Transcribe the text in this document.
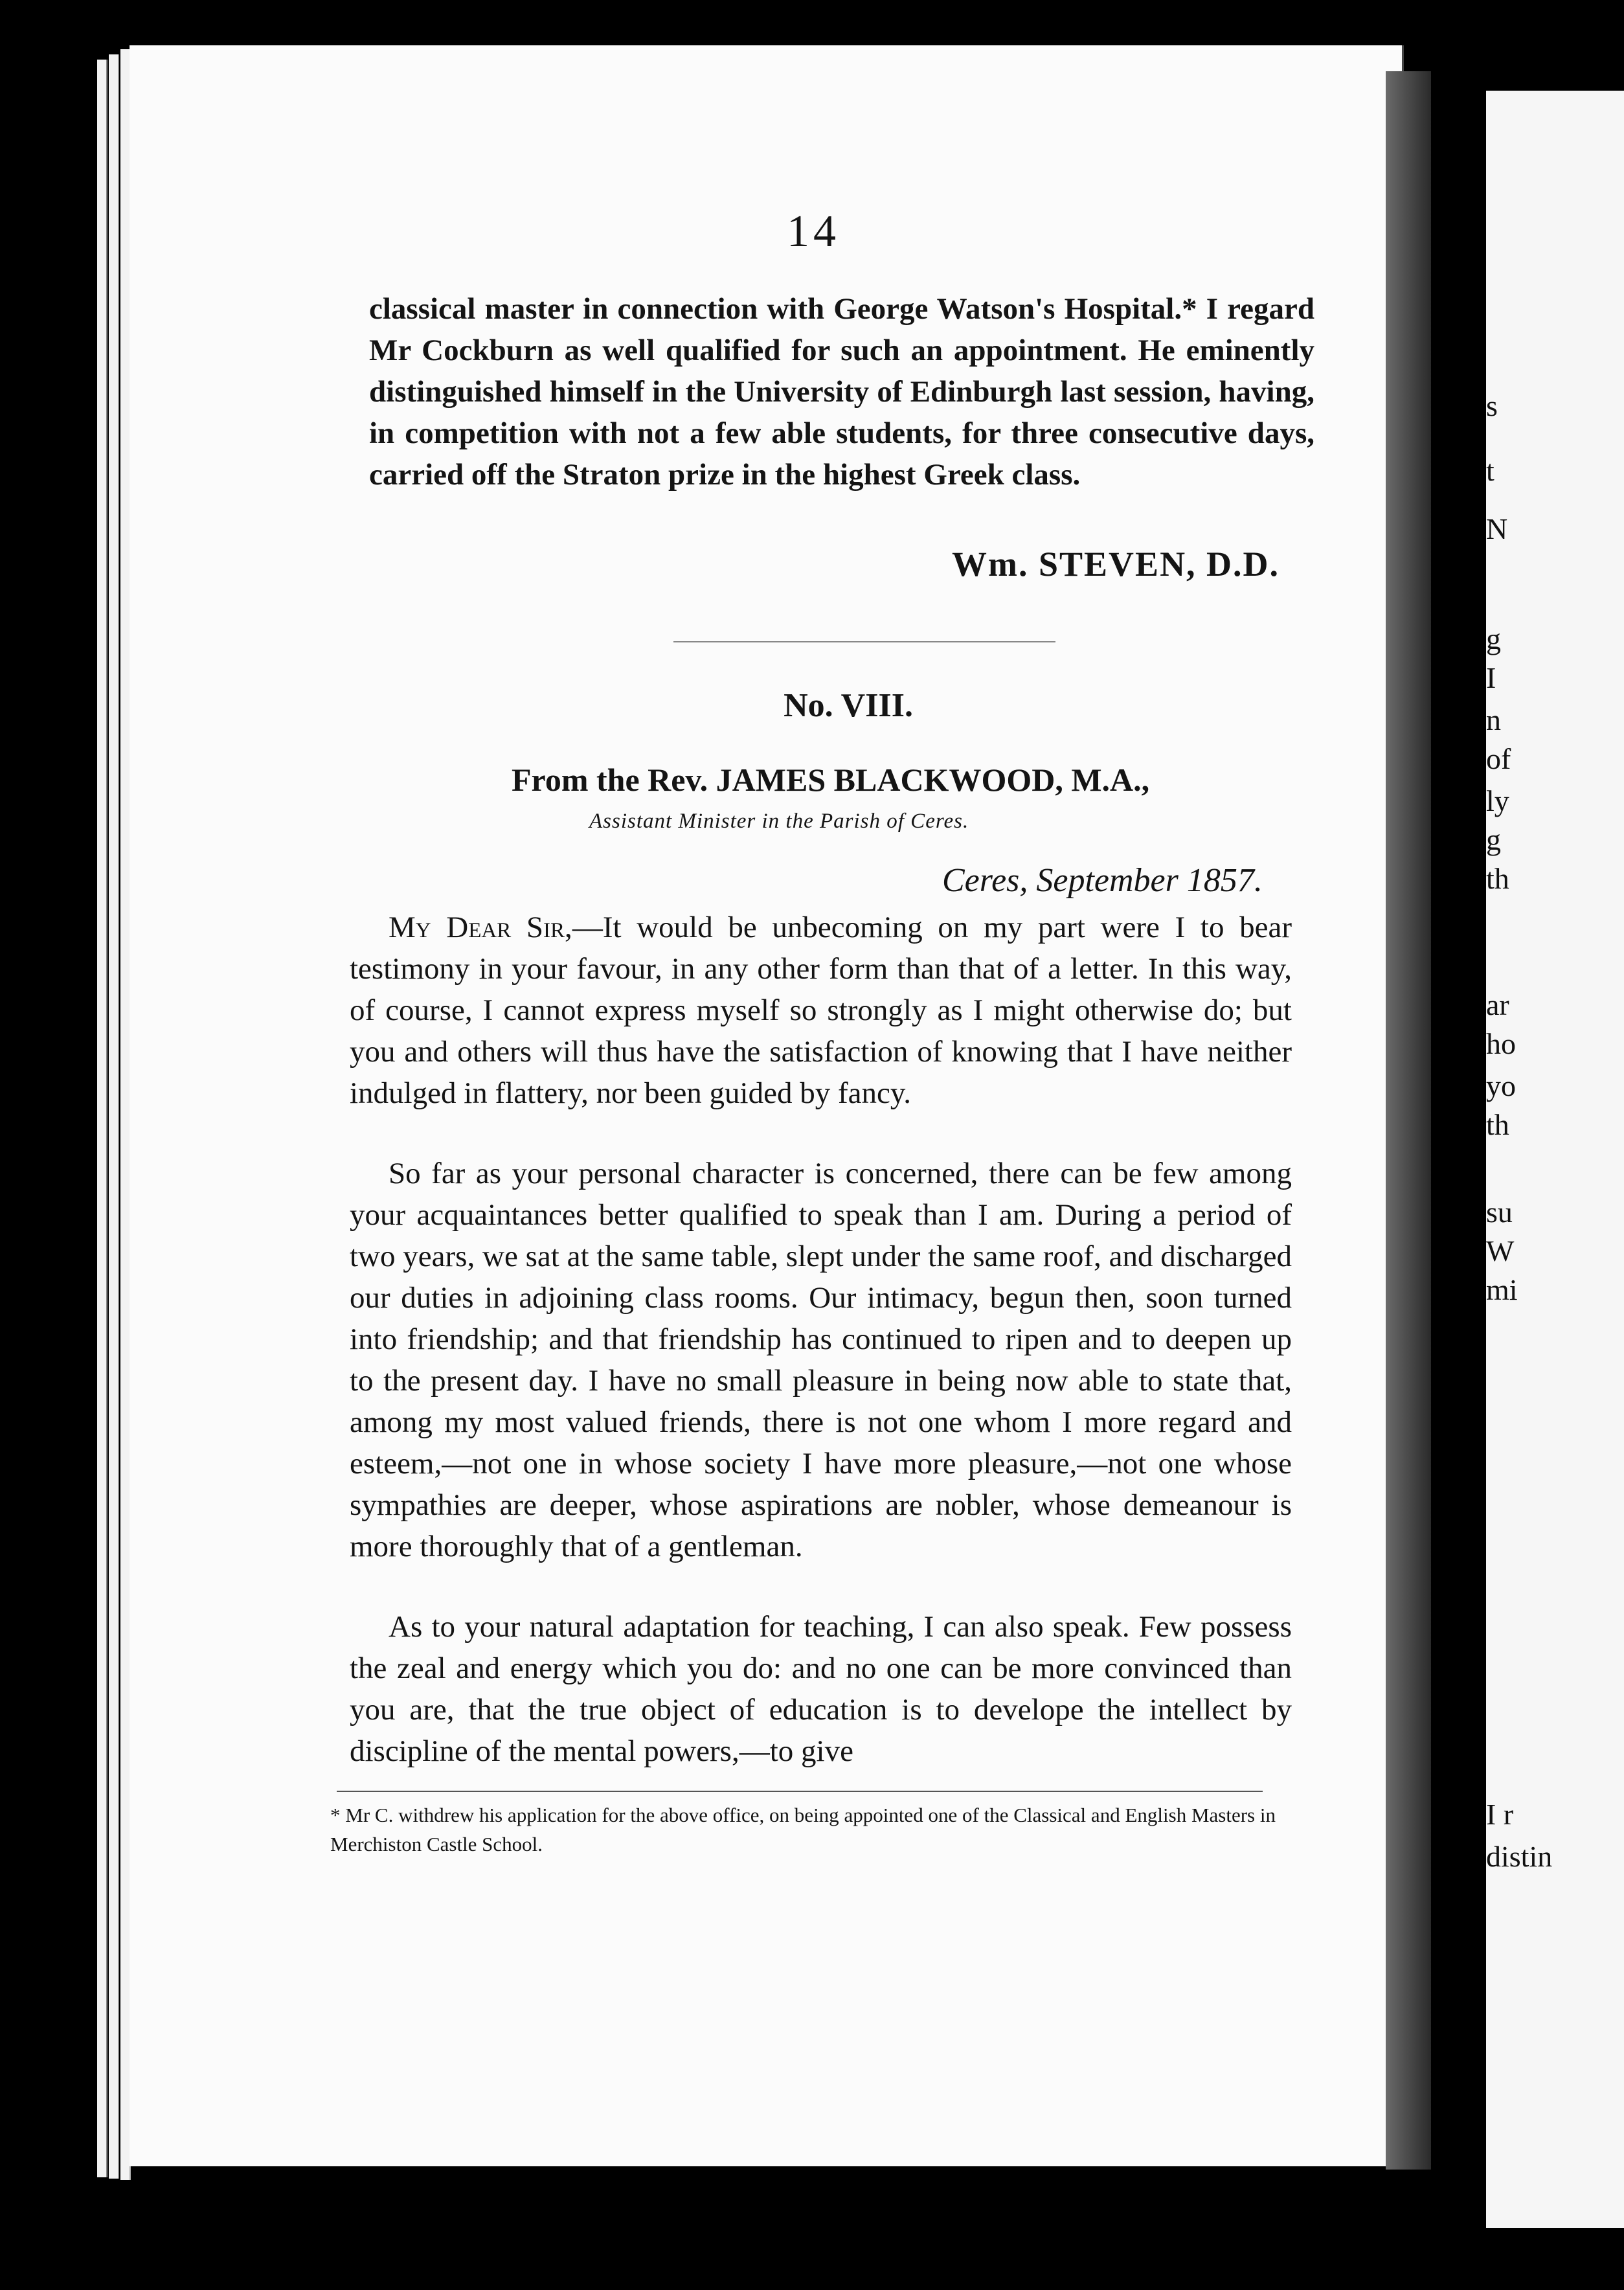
s
t
N
g
I
n
of
ly
g
th
ar
ho
yo
th
su
W
mi
I r
distin
14
classical master in connection with George Watson's Hospital.* I regard Mr Cockburn as well qualified for such an appointment. He eminently distinguished himself in the University of Edinburgh last session, having, in competition with not a few able students, for three consecutive days, carried off the Straton prize in the highest Greek class.
Wm. STEVEN, D.D.
No. VIII.
From the Rev. JAMES BLACKWOOD, M.A.,
Assistant Minister in the Parish of Ceres.
Ceres, September 1857.
My Dear Sir,—It would be unbecoming on my part were I to bear testimony in your favour, in any other form than that of a letter. In this way, of course, I cannot express myself so strongly as I might otherwise do; but you and others will thus have the satisfaction of knowing that I have neither indulged in flattery, nor been guided by fancy.
So far as your personal character is concerned, there can be few among your acquaintances better qualified to speak than I am. During a period of two years, we sat at the same table, slept under the same roof, and discharged our duties in adjoining class rooms. Our intimacy, begun then, soon turned into friendship; and that friendship has continued to ripen and to deepen up to the present day. I have no small pleasure in being now able to state that, among my most valued friends, there is not one whom I more regard and esteem,—not one in whose society I have more pleasure,—not one whose sympathies are deeper, whose aspirations are nobler, whose demeanour is more thoroughly that of a gentleman.
As to your natural adaptation for teaching, I can also speak. Few possess the zeal and energy which you do: and no one can be more convinced than you are, that the true object of education is to develope the intellect by discipline of the mental powers,—to give
* Mr C. withdrew his application for the above office, on being appointed one of the Classical and English Masters in Merchiston Castle School.
